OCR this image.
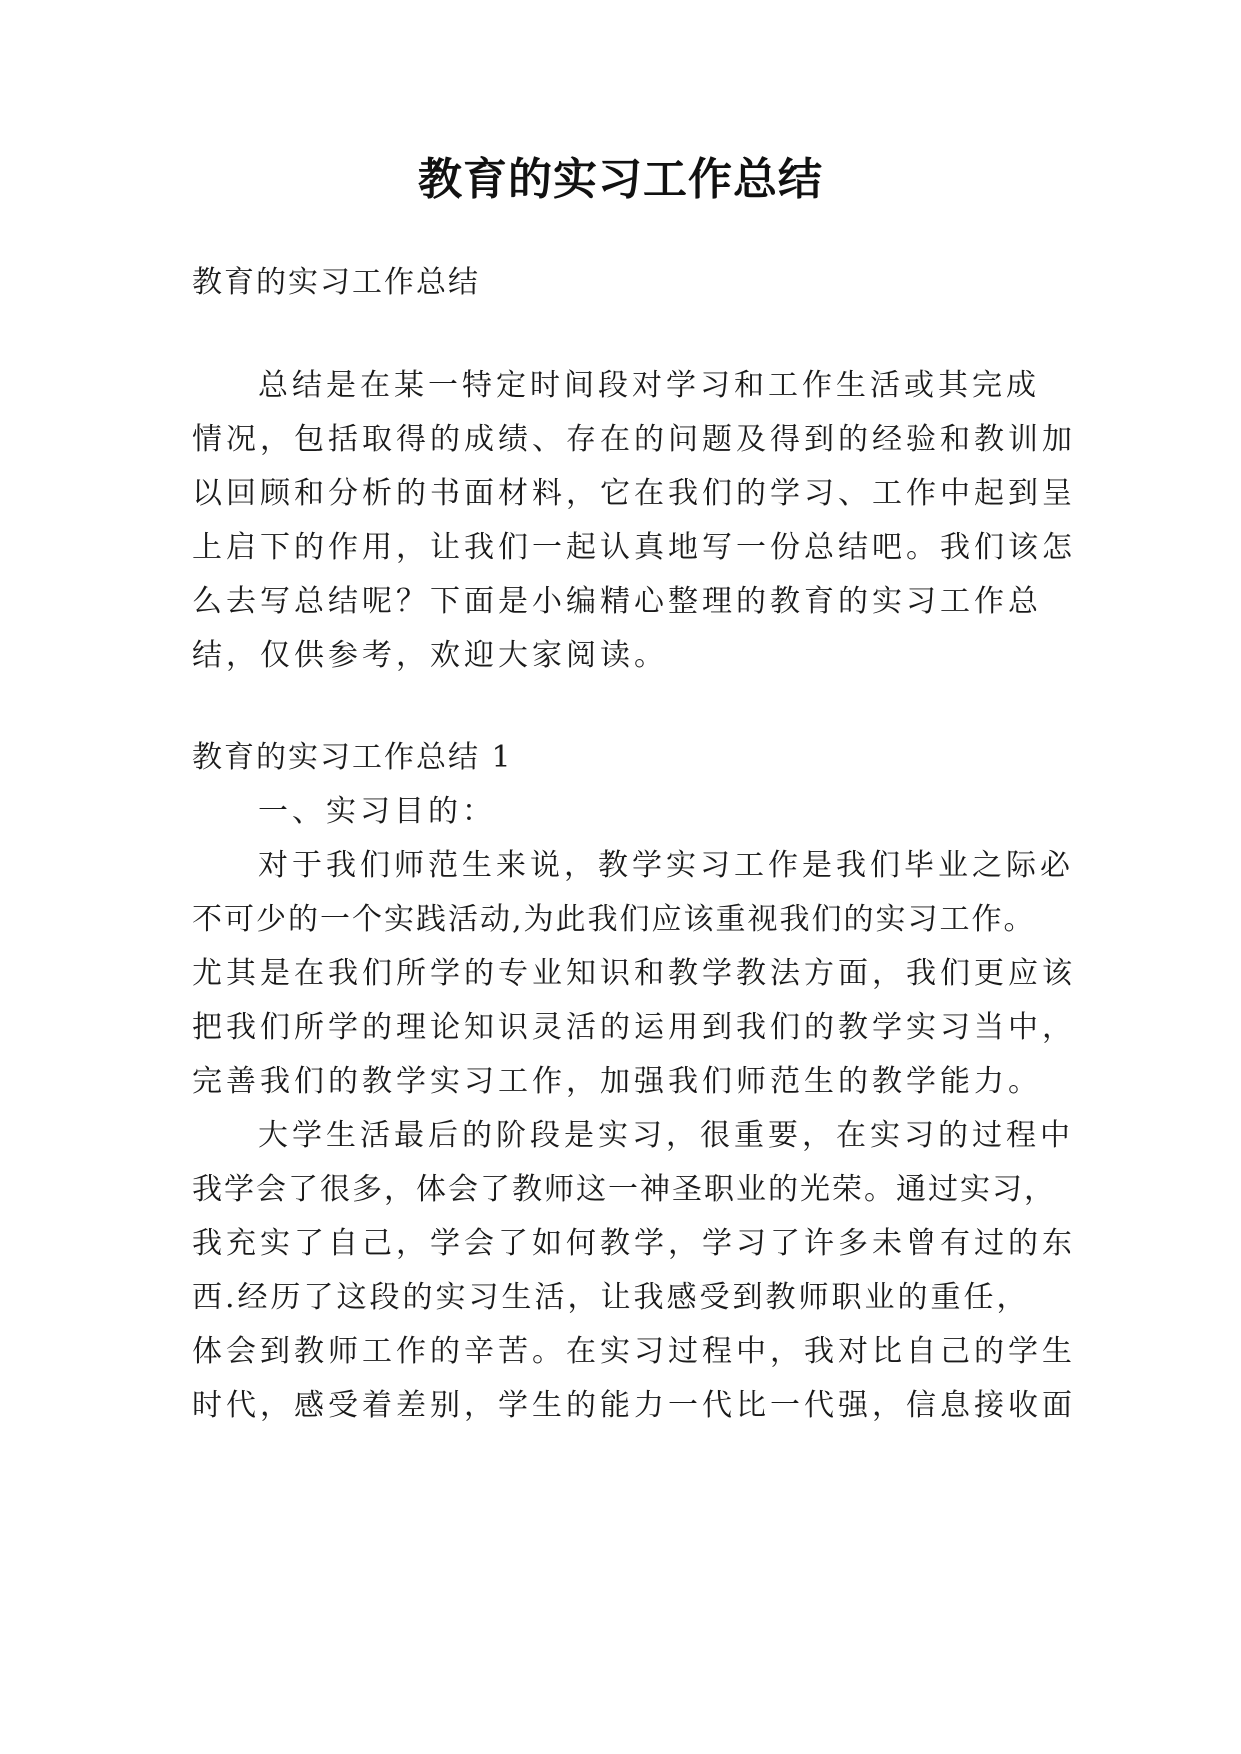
教育的实习工作总结
教育的实习工作总结
总结是在某一特定时间段对学习和工作生活或其完成
情况，包括取得的成绩、存在的问题及得到的经验和教训加
以回顾和分析的书面材料，它在我们的学习、工作中起到呈
上启下的作用，让我们一起认真地写一份总结吧。我们该怎
么去写总结呢？下面是小编精心整理的教育的实习工作总
结，仅供参考，欢迎大家阅读。
教育的实习工作总结 1
一、实习目的：
对于我们师范生来说，教学实习工作是我们毕业之际必
不可少的一个实践活动,为此我们应该重视我们的实习工作。
尤其是在我们所学的专业知识和教学教法方面，我们更应该
把我们所学的理论知识灵活的运用到我们的教学实习当中，
完善我们的教学实习工作，加强我们师范生的教学能力。
大学生活最后的阶段是实习，很重要，在实习的过程中
我学会了很多，体会了教师这一神圣职业的光荣。通过实习，
我充实了自己，学会了如何教学，学习了许多未曾有过的东
西.经历了这段的实习生活，让我感受到教师职业的重任，
体会到教师工作的辛苦。在实习过程中，我对比自己的学生
时代，感受着差别，学生的能力一代比一代强，信息接收面
